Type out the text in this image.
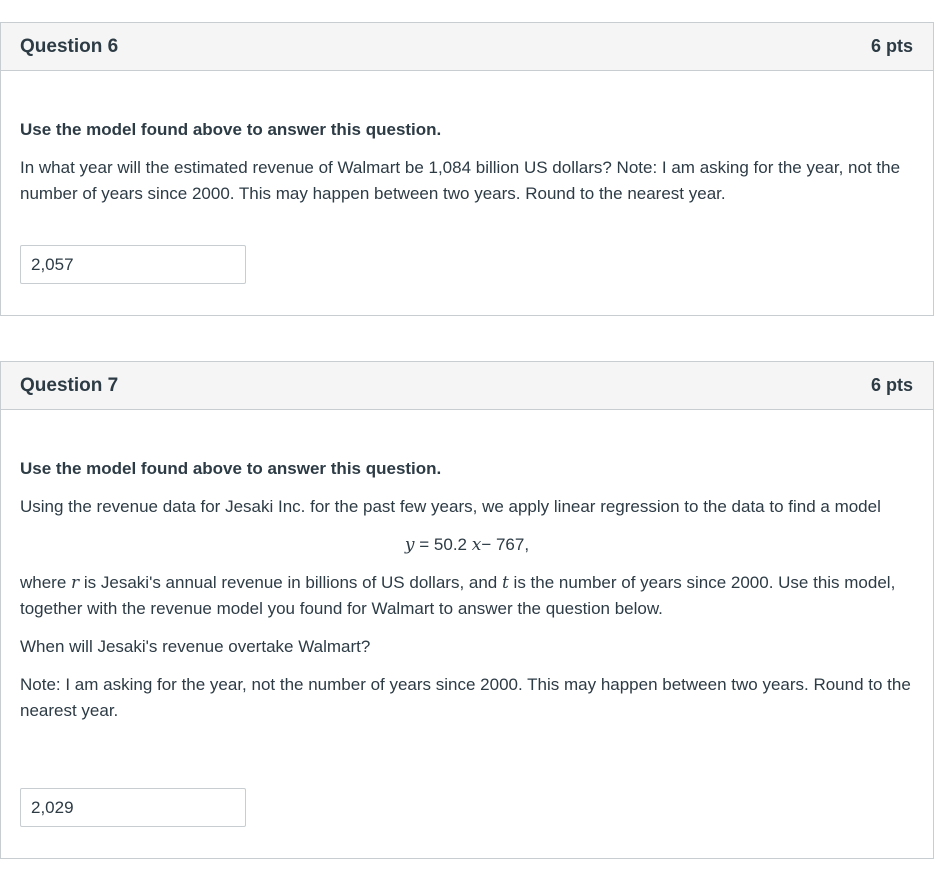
Question 6	6 pts

Use the model found above to answer this question.

In what year will the estimated revenue of Walmart be 1,084 billion US dollars? Note: I am asking for the year, not the number of years since 2000. This may happen between two years. Round to the nearest year.

2,057
Question 7	6 pts

Use the model found above to answer this question.

Using the revenue data for Jesaki Inc. for the past few years, we apply linear regression to the data to find a model

y = 50.2 x− 767,

where r is Jesaki's annual revenue in billions of US dollars, and t is the number of years since 2000. Use this model, together with the revenue model you found for Walmart to answer the question below.

When will Jesaki's revenue overtake Walmart?

Note: I am asking for the year, not the number of years since 2000. This may happen between two years. Round to the nearest year.

2,029
